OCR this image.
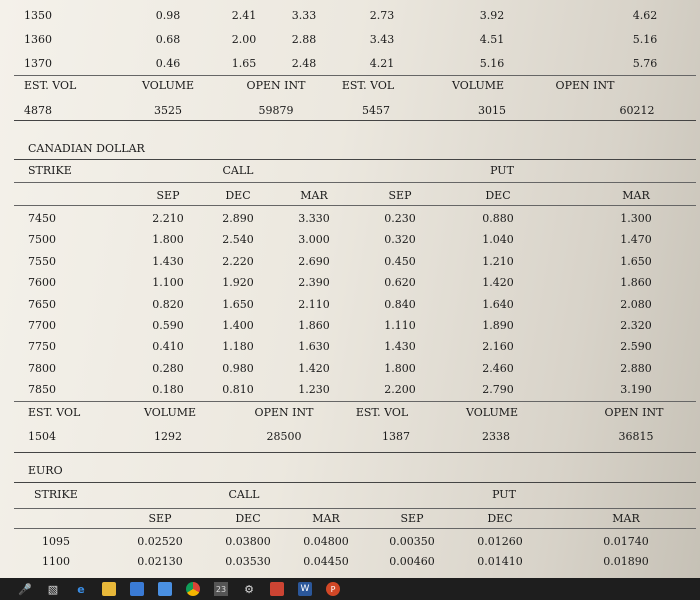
1350	0.98	2.41	3.33	2.73	3.92	4.62
1360	0.68	2.00	2.88	3.43	4.51	5.16
1370	0.46	1.65	2.48	4.21	5.16	5.76
EST. VOL	VOLUME	OPEN INT	EST. VOL	VOLUME	OPEN INT
4878	3525	59879	5457	3015	60212
CANADIAN DOLLAR
STRIKE	CALL	PUT
SEP	DEC	MAR	SEP	DEC	MAR
7450	2.210	2.890	3.330	0.230	0.880	1.300
7500	1.800	2.540	3.000	0.320	1.040	1.470
7550	1.430	2.220	2.690	0.450	1.210	1.650
7600	1.100	1.920	2.390	0.620	1.420	1.860
7650	0.820	1.650	2.110	0.840	1.640	2.080
7700	0.590	1.400	1.860	1.110	1.890	2.320
7750	0.410	1.180	1.630	1.430	2.160	2.590
7800	0.280	0.980	1.420	1.800	2.460	2.880
7850	0.180	0.810	1.230	2.200	2.790	3.190
EST. VOL	VOLUME	OPEN INT	EST. VOL	VOLUME	OPEN INT
1504	1292	28500	1387	2338	36815
EURO
STRIKE	CALL	PUT
SEP	DEC	MAR	SEP	DEC	MAR
1095	0.02520	0.03800	0.04800	0.00350	0.01260	0.01740
1100	0.02130	0.03530	0.04450	0.00460	0.01410	0.01890
🎤 ▧ e	23 ⚙	W	P
